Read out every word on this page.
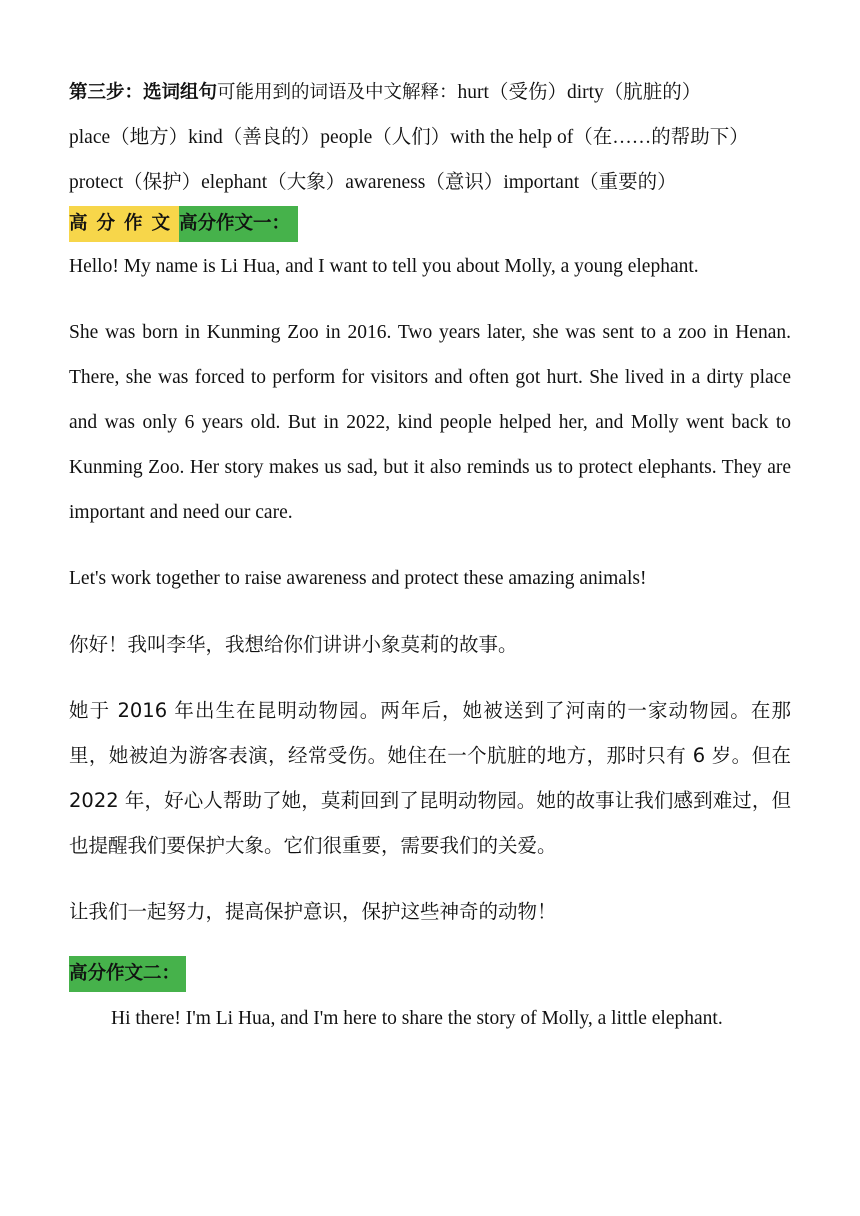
第三步：选词组句可能用到的词语及中文解释：hurt（受伤）dirty（肮脏的）
place（地方）kind（善良的）people（人们）with the help of（在……的帮助下）
protect（保护）elephant（大象）awareness（意识）important（重要的）
高分作文 高分作文一：

Hello! My name is Li Hua, and I want to tell you about Molly, a young elephant.

She was born in Kunming Zoo in 2016. Two years later, she was sent to a zoo in Henan. There, she was forced to perform for visitors and often got hurt. She lived in a dirty place and was only 6 years old. But in 2022, kind people helped her, and Molly went back to Kunming Zoo. Her story makes us sad, but it also reminds us to protect elephants. They are important and need our care.

Let's work together to raise awareness and protect these amazing animals!

你好！我叫李华，我想给你们讲讲小象莫莉的故事。

她于 2016 年出生在昆明动物园。两年后，她被送到了河南的一家动物园。在那里，她被迫为游客表演，经常受伤。她住在一个肮脏的地方，那时只有 6 岁。但在 2022 年，好心人帮助了她，莫莉回到了昆明动物园。她的故事让我们感到难过，但也提醒我们要保护大象。它们很重要，需要我们的关爱。

让我们一起努力，提高保护意识，保护这些神奇的动物！

高分作文二：

Hi there! I'm Li Hua, and I'm here to share the story of Molly, a little elephant.
